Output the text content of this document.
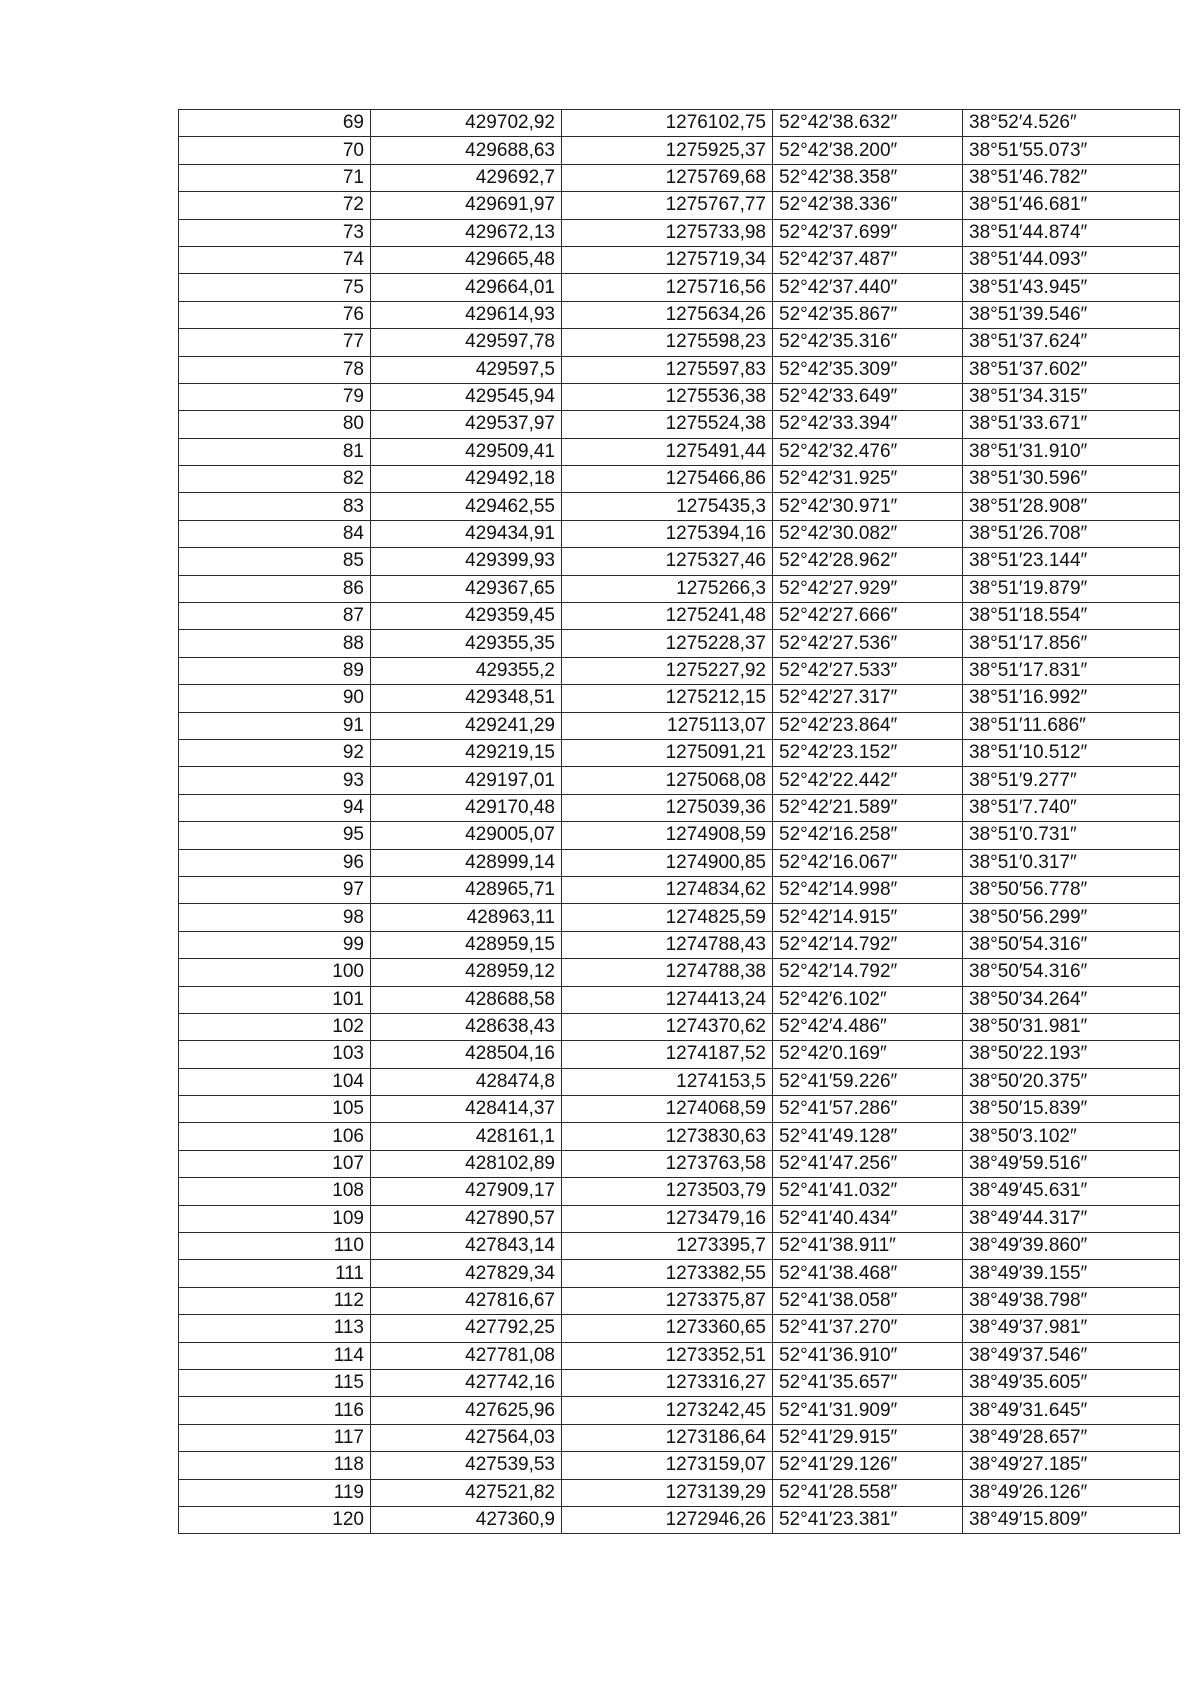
69	429702,92	1276102,75	52°42′38.632″	38°52′4.526″
70	429688,63	1275925,37	52°42′38.200″	38°51′55.073″
71	429692,7	1275769,68	52°42′38.358″	38°51′46.782″
72	429691,97	1275767,77	52°42′38.336″	38°51′46.681″
73	429672,13	1275733,98	52°42′37.699″	38°51′44.874″
74	429665,48	1275719,34	52°42′37.487″	38°51′44.093″
75	429664,01	1275716,56	52°42′37.440″	38°51′43.945″
76	429614,93	1275634,26	52°42′35.867″	38°51′39.546″
77	429597,78	1275598,23	52°42′35.316″	38°51′37.624″
78	429597,5	1275597,83	52°42′35.309″	38°51′37.602″
79	429545,94	1275536,38	52°42′33.649″	38°51′34.315″
80	429537,97	1275524,38	52°42′33.394″	38°51′33.671″
81	429509,41	1275491,44	52°42′32.476″	38°51′31.910″
82	429492,18	1275466,86	52°42′31.925″	38°51′30.596″
83	429462,55	1275435,3	52°42′30.971″	38°51′28.908″
84	429434,91	1275394,16	52°42′30.082″	38°51′26.708″
85	429399,93	1275327,46	52°42′28.962″	38°51′23.144″
86	429367,65	1275266,3	52°42′27.929″	38°51′19.879″
87	429359,45	1275241,48	52°42′27.666″	38°51′18.554″
88	429355,35	1275228,37	52°42′27.536″	38°51′17.856″
89	429355,2	1275227,92	52°42′27.533″	38°51′17.831″
90	429348,51	1275212,15	52°42′27.317″	38°51′16.992″
91	429241,29	1275113,07	52°42′23.864″	38°51′11.686″
92	429219,15	1275091,21	52°42′23.152″	38°51′10.512″
93	429197,01	1275068,08	52°42′22.442″	38°51′9.277″
94	429170,48	1275039,36	52°42′21.589″	38°51′7.740″
95	429005,07	1274908,59	52°42′16.258″	38°51′0.731″
96	428999,14	1274900,85	52°42′16.067″	38°51′0.317″
97	428965,71	1274834,62	52°42′14.998″	38°50′56.778″
98	428963,11	1274825,59	52°42′14.915″	38°50′56.299″
99	428959,15	1274788,43	52°42′14.792″	38°50′54.316″
100	428959,12	1274788,38	52°42′14.792″	38°50′54.316″
101	428688,58	1274413,24	52°42′6.102″	38°50′34.264″
102	428638,43	1274370,62	52°42′4.486″	38°50′31.981″
103	428504,16	1274187,52	52°42′0.169″	38°50′22.193″
104	428474,8	1274153,5	52°41′59.226″	38°50′20.375″
105	428414,37	1274068,59	52°41′57.286″	38°50′15.839″
106	428161,1	1273830,63	52°41′49.128″	38°50′3.102″
107	428102,89	1273763,58	52°41′47.256″	38°49′59.516″
108	427909,17	1273503,79	52°41′41.032″	38°49′45.631″
109	427890,57	1273479,16	52°41′40.434″	38°49′44.317″
110	427843,14	1273395,7	52°41′38.911″	38°49′39.860″
111	427829,34	1273382,55	52°41′38.468″	38°49′39.155″
112	427816,67	1273375,87	52°41′38.058″	38°49′38.798″
113	427792,25	1273360,65	52°41′37.270″	38°49′37.981″
114	427781,08	1273352,51	52°41′36.910″	38°49′37.546″
115	427742,16	1273316,27	52°41′35.657″	38°49′35.605″
116	427625,96	1273242,45	52°41′31.909″	38°49′31.645″
117	427564,03	1273186,64	52°41′29.915″	38°49′28.657″
118	427539,53	1273159,07	52°41′29.126″	38°49′27.185″
119	427521,82	1273139,29	52°41′28.558″	38°49′26.126″
120	427360,9	1272946,26	52°41′23.381″	38°49′15.809″
